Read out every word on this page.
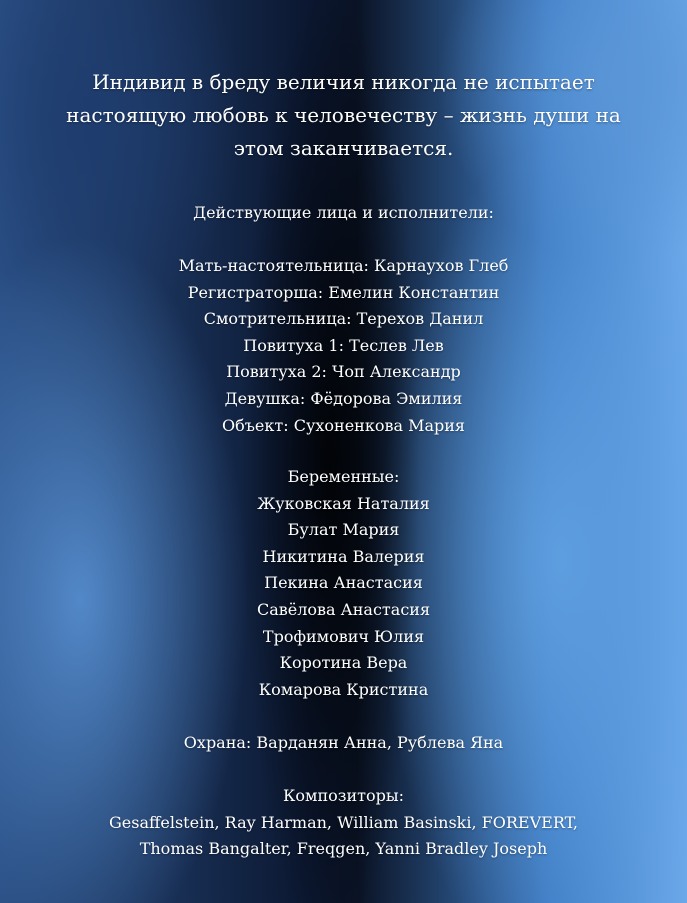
Индивид в бреду величия никогда не испытает
настоящую любовь к человечеству – жизнь души на
этом заканчивается.

Действующие лица и исполнители:

Мать-настоятельница: Карнаухов Глеб
Регистраторша: Емелин Константин
Смотрительница: Терехов Данил
Повитуха 1: Теслев Лев
Повитуха 2: Чоп Александр
Девушка: Фёдорова Эмилия
Объект: Сухоненкова Мария

Беременные:
Жуковская Наталия
Булат Мария
Никитина Валерия
Пекина Анастасия
Савёлова Анастасия
Трофимович Юлия
Коротина Вера
Комарова Кристина

Охрана: Варданян Анна, Рублева Яна

Композиторы:
Gesaffelstein, Ray Harman, William Basinski, FOREVERT,
Thomas Bangalter, Freqgen, Yanni Bradley Joseph
